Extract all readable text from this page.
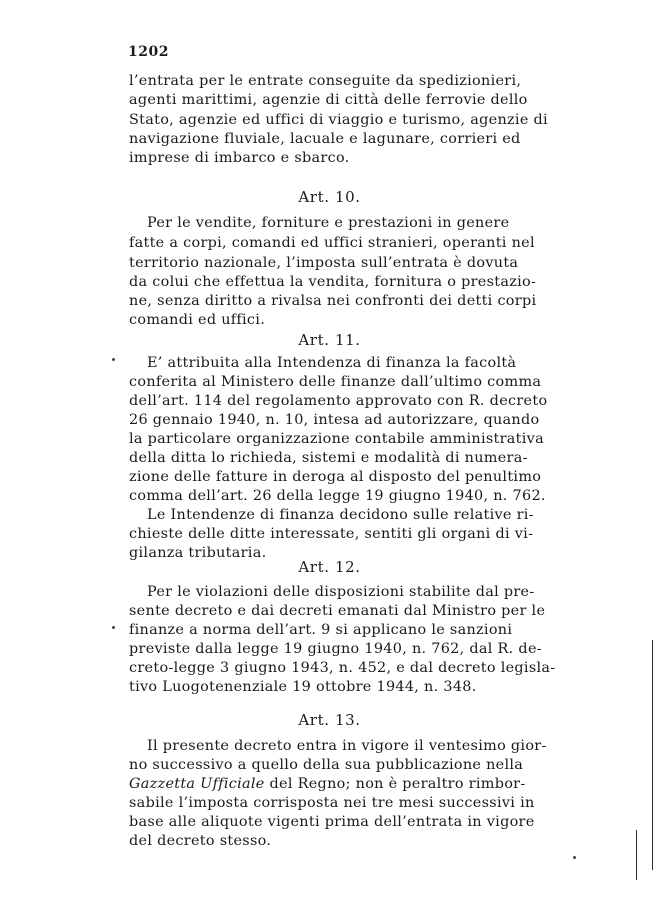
1202
l’entrata per le entrate conseguite da spedizionieri,
agenti marittimi, agenzie di città delle ferrovie dello
Stato, agenzie ed uffici di viaggio e turismo, agenzie di
navigazione fluviale, lacuale e lagunare, corrieri ed
imprese di imbarco e sbarco.
Art. 10.
Per le vendite, forniture e prestazioni in genere
fatte a corpi, comandi ed uffici stranieri, operanti nel
territorio nazionale, l’imposta sull’entrata è dovuta
da colui che effettua la vendita, fornitura o prestazio-
ne, senza diritto a rivalsa nei confronti dei detti corpi
comandi ed uffici.
Art. 11.
E’ attribuita alla Intendenza di finanza la facoltà
conferita al Ministero delle finanze dall’ultimo comma
dell’art. 114 del regolamento approvato con R. decreto
26 gennaio 1940, n. 10, intesa ad autorizzare, quando
la particolare organizzazione contabile amministrativa
della ditta lo richieda, sistemi e modalità di numera-
zione delle fatture in deroga al disposto del penultimo
comma dell’art. 26 della legge 19 giugno 1940, n. 762.
Le Intendenze di finanza decidono sulle relative ri-
chieste delle ditte interessate, sentiti gli organi di vi-
gilanza tributaria.
Art. 12.
Per le violazioni delle disposizioni stabilite dal pre-
sente decreto e dai decreti emanati dal Ministro per le
finanze a norma dell’art. 9 si applicano le sanzioni
previste dalla legge 19 giugno 1940, n. 762, dal R. de-
creto-legge 3 giugno 1943, n. 452, e dal decreto legisla-
tivo Luogotenenziale 19 ottobre 1944, n. 348.
Art. 13.
Il presente decreto entra in vigore il ventesimo gior-
no successivo a quello della sua pubblicazione nella
Gazzetta Ufficiale del Regno; non è peraltro rimbor-
sabile l’imposta corrisposta nei tre mesi successivi in
base alle aliquote vigenti prima dell’entrata in vigore
del decreto stesso.
